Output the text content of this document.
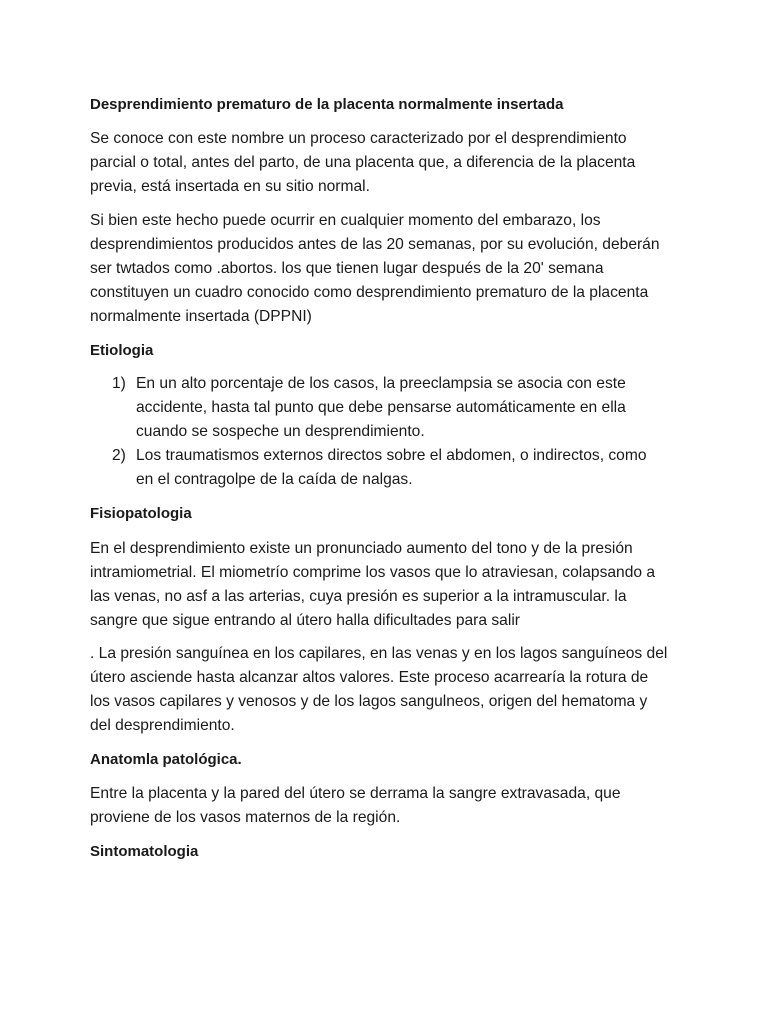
Desprendimiento prematuro de la placenta normalmente insertada
Se conoce con este nombre un proceso caracterizado por el desprendimiento
parcial o total, antes del parto, de una placenta que, a diferencia de la placenta
previa, está insertada en su sitio normal.
Si bien este hecho puede ocurrir en cualquier momento del embarazo, los
desprendimientos producidos antes de las 20 semanas, por su evolución, deberán
ser twtados como .abortos. los que tienen lugar después de la 20' semana
constituyen un cuadro conocido como desprendimiento prematuro de la placenta
normalmente insertada (DPPNI)
Etiologia
1) En un alto porcentaje de los casos, la preeclampsia se asocia con este
accidente, hasta tal punto que debe pensarse automáticamente en ella
cuando se sospeche un desprendimiento.
2) Los traumatismos externos directos sobre el abdomen, o indirectos, como
en el contragolpe de la caída de nalgas.
Fisiopatologia
En el desprendimiento existe un pronunciado aumento del tono y de la presión
intramiometrial. El miometrío comprime los vasos que lo atraviesan, colapsando a
las venas, no asf a las arterias, cuya presión es superior a la intramuscular. la
sangre que sigue entrando al útero halla dificultades para salir
. La presión sanguínea en los capilares, en las venas y en los lagos sanguíneos del
útero asciende hasta alcanzar altos valores. Este proceso acarrearía la rotura de
los vasos capilares y venosos y de los lagos sangulneos, origen del hematoma y
del desprendimiento.
Anatomla patológica.
Entre la placenta y la pared del útero se derrama la sangre extravasada, que
proviene de los vasos maternos de la región.
Sintomatologia
